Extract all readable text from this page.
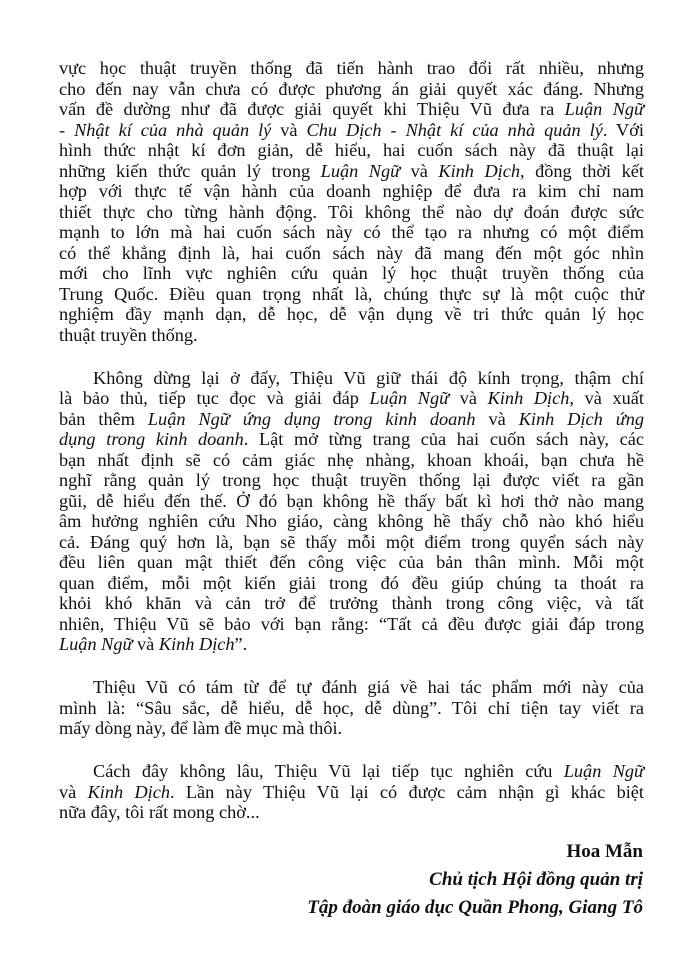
vực học thuật truyền thống đã tiến hành trao đổi rất nhiều, nhưng
cho đến nay vẫn chưa có được phương án giải quyết xác đáng. Nhưng
vấn đề dường như đã được giải quyết khi Thiệu Vũ đưa ra Luận Ngữ
- Nhật kí của nhà quản lý và Chu Dịch - Nhật kí của nhà quản lý. Với
hình thức nhật kí đơn giản, dễ hiểu, hai cuốn sách này đã thuật lại
những kiến thức quản lý trong Luận Ngữ và Kinh Dịch, đồng thời kết
hợp với thực tế vận hành của doanh nghiệp để đưa ra kim chỉ nam
thiết thực cho từng hành động. Tôi không thể nào dự đoán được sức
mạnh to lớn mà hai cuốn sách này có thể tạo ra nhưng có một điểm
có thể khẳng định là, hai cuốn sách này đã mang đến một góc nhìn
mới cho lĩnh vực nghiên cứu quản lý học thuật truyền thống của
Trung Quốc. Điều quan trọng nhất là, chúng thực sự là một cuộc thử
nghiệm đầy mạnh dạn, dễ học, dễ vận dụng về tri thức quản lý học
thuật truyền thống.
Không dừng lại ở đấy, Thiệu Vũ giữ thái độ kính trọng, thậm chí
là bảo thủ, tiếp tục đọc và giải đáp Luận Ngữ và Kinh Dịch, và xuất
bản thêm Luận Ngữ ứng dụng trong kinh doanh và Kinh Dịch ứng
dụng trong kinh doanh. Lật mở từng trang của hai cuốn sách này, các
bạn nhất định sẽ có cảm giác nhẹ nhàng, khoan khoái, bạn chưa hề
nghĩ rằng quản lý trong học thuật truyền thống lại được viết ra gần
gũi, dễ hiểu đến thế. Ở đó bạn không hề thấy bất kì hơi thở nào mang
âm hưởng nghiên cứu Nho giáo, càng không hề thấy chỗ nào khó hiểu
cả. Đáng quý hơn là, bạn sẽ thấy mỗi một điểm trong quyển sách này
đều liên quan mật thiết đến công việc của bản thân mình. Mỗi một
quan điểm, mỗi một kiến giải trong đó đều giúp chúng ta thoát ra
khỏi khó khăn và cản trở để trưởng thành trong công việc, và tất
nhiên, Thiệu Vũ sẽ bảo với bạn rằng: “Tất cả đều được giải đáp trong
Luận Ngữ và Kinh Dịch”.
Thiệu Vũ có tám từ để tự đánh giá về hai tác phẩm mới này của
mình là: “Sâu sắc, dễ hiểu, dễ học, dễ dùng”. Tôi chỉ tiện tay viết ra
mấy dòng này, để làm đề mục mà thôi.
Cách đây không lâu, Thiệu Vũ lại tiếp tục nghiên cứu Luận Ngữ
và Kinh Dịch. Lần này Thiệu Vũ lại có được cảm nhận gì khác biệt
nữa đây, tôi rất mong chờ...
Hoa Mẫn
Chủ tịch Hội đồng quản trị
Tập đoàn giáo dục Quần Phong, Giang Tô
